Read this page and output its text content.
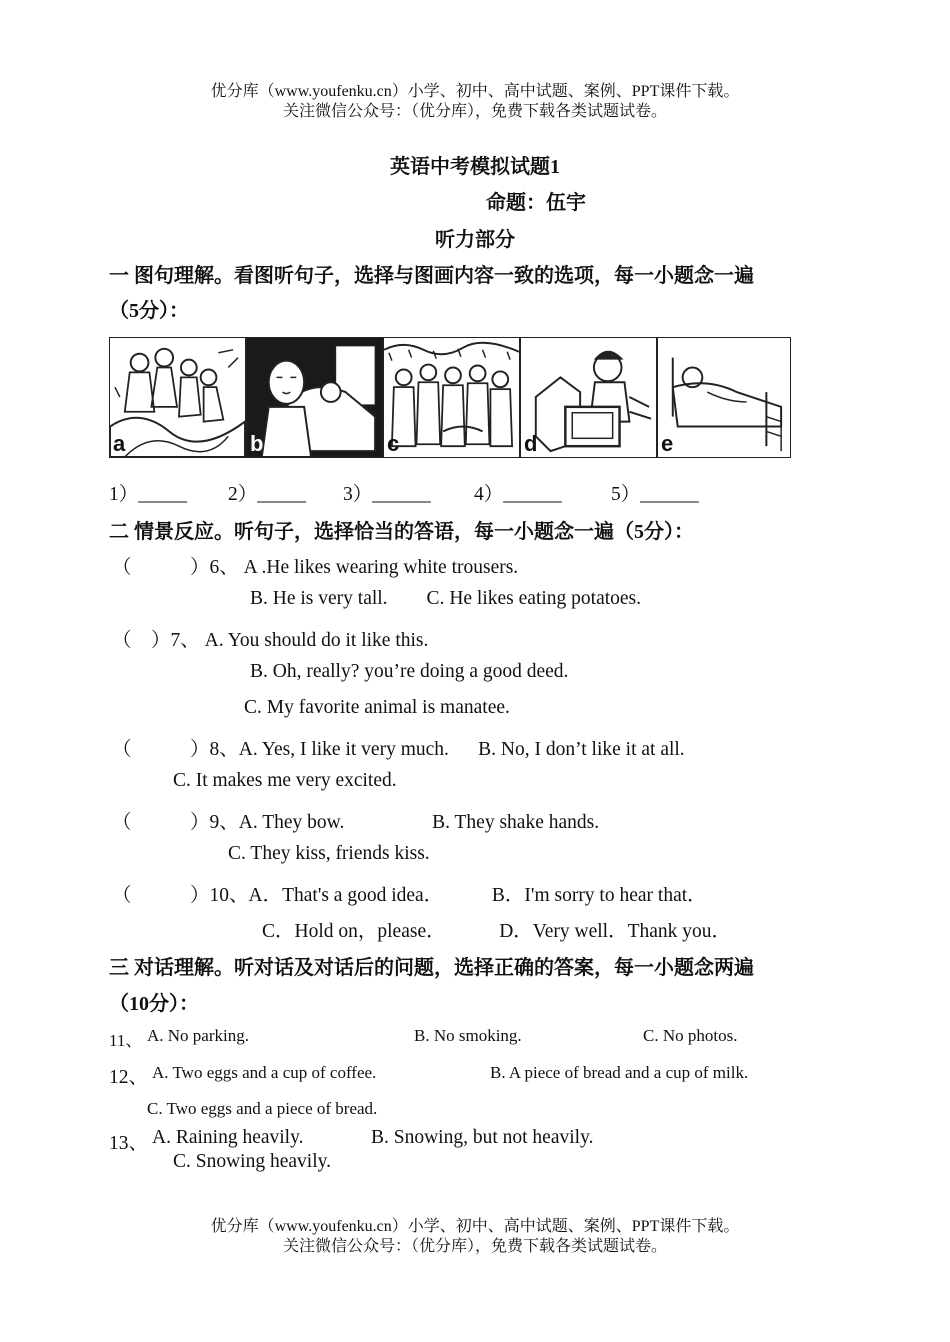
优分库（www.youfenku.cn）小学、初中、高中试题、案例、PPT课件下载。
关注微信公众号：（优分库），免费下载各类试题试卷。
英语中考模拟试题1
命题：伍宇
听力部分
一 图句理解。看图听句子，选择与图画内容一致的选项，每一小题念一遍
（5分）：
a	b	c	d	e
1）_____ 2）_____ 3）______ 4）______	5）______
二 情景反应。听句子，选择恰当的答语，每一小题念一遍（5分）：
（　　　）6、 A .He likes wearing white trousers.
B. He is very tall.        C. He likes eating potatoes.
（　）7、 A. You should do it like this.
B. Oh, really? you’re doing a good deed.
C. My favorite animal is manatee.
（　　　）8、A. Yes, I like it very much.      B. No, I don’t like it at all.
C. It makes me very excited.
（　　　）9、A. They bow.                  B. They shake hands.
C. They kiss, friends kiss.
（　　　）10、A．That's a good idea．          B．I'm sorry to hear that．
C．Hold on，please．           D．Very well．Thank you．
三 对话理解。听对话及对话后的问题，选择正确的答案，每一小题念两遍
（10分）：
11、 A. No parking.	B. No smoking.	C. No photos.
12、 A. Two eggs and a cup of coffee.	B. A piece of bread and a cup of milk.
C. Two eggs and a piece of bread.
13、 A. Raining heavily.	B. Snowing, but not heavily.
C. Snowing heavily.
优分库（www.youfenku.cn）小学、初中、高中试题、案例、PPT课件下载。
关注微信公众号：（优分库），免费下载各类试题试卷。
